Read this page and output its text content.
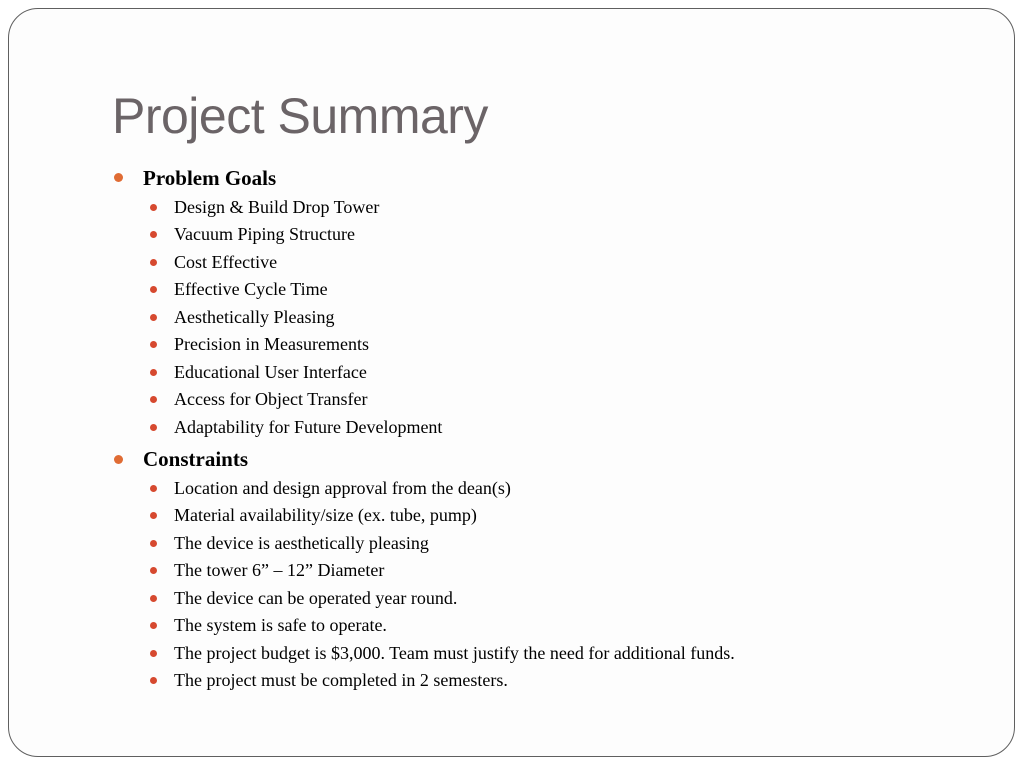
Project Summary
Problem Goals
Design & Build Drop Tower
Vacuum Piping Structure
Cost Effective
Effective Cycle Time
Aesthetically Pleasing
Precision in Measurements
Educational User Interface
Access for Object Transfer
Adaptability for Future Development
Constraints
Location and design approval from the dean(s)
Material availability/size (ex. tube, pump)
The device is aesthetically pleasing
The tower 6” – 12” Diameter
The device can be operated year round.
The system is safe to operate.
The project budget is $3,000. Team must justify the need for additional funds.
The project must be completed in 2 semesters.
